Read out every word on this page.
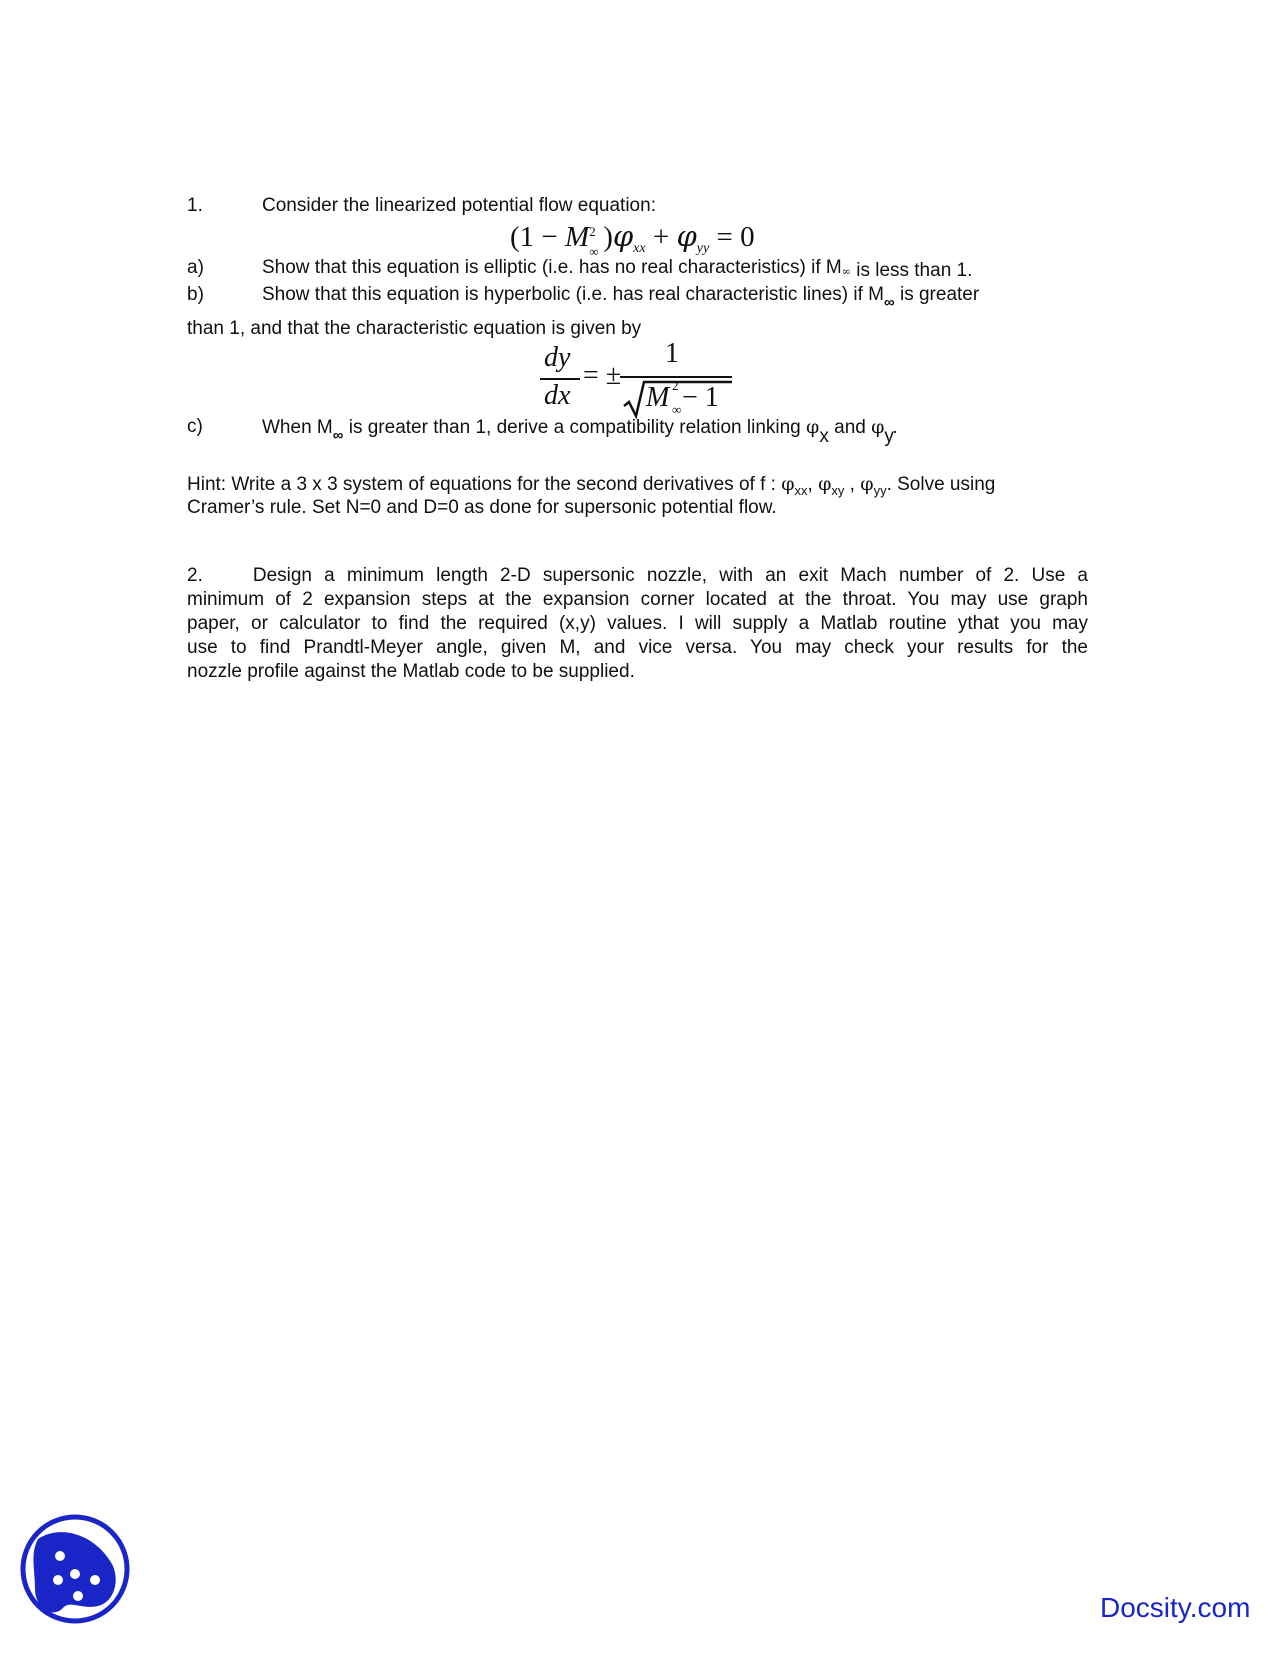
1.	Consider the linearized potential flow equation:
(1 − M 2
∞ )$\varphi_{xx} + \varphi_{yy} = 0$
a)	Show that this equation is elliptic (i.e. has no real characteristics) if M∞ is less than 1.
b)	Show that this equation is hyperbolic (i.e. has real characteristic lines) if $M_\infty$ is greater
than 1, and that the characteristic equation is given by
dy
dx
= ±
1
M 2
∞ − 1
c)	When $M_\infty$ is greater than 1, derive a compatibility relation linking φx and φy.
Hint: Write a 3 x 3 system of equations for the second derivatives of f : $\varphi_{xx}$, $\varphi_{xy}$ , $\varphi_{yy}$. Solve using
Cramer’s rule. Set N=0 and D=0 as done for supersonic potential flow.
2.	Design a minimum length 2-D supersonic nozzle, with an exit Mach number of 2. Use a
minimum of 2 expansion steps at the expansion corner located at the throat. You may use graph
paper, or calculator to find the required (x,y) values. I will supply a Matlab routine ythat you may
use to find Prandtl-Meyer angle, given M, and vice versa. You may check your results for the
nozzle profile against the Matlab code to be supplied.
Docsity.com
